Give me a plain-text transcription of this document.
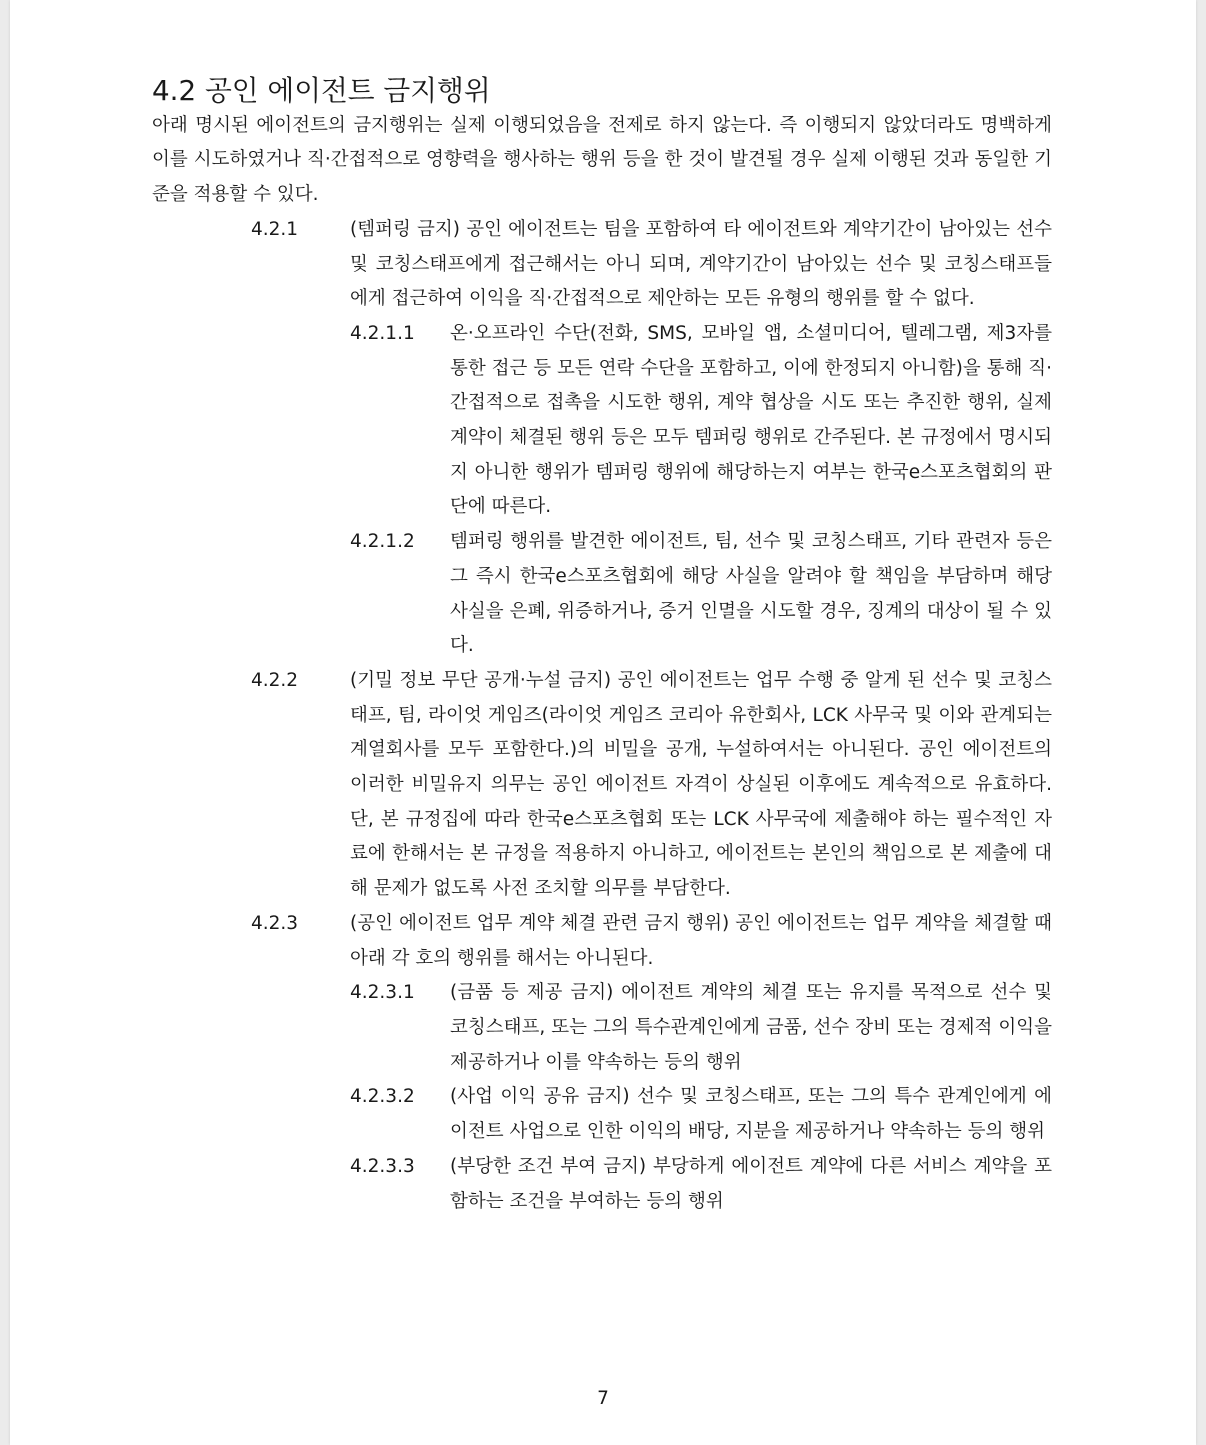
4.2 공인 에이전트 금지행위

아래 명시된 에이전트의 금지행위는 실제 이행되었음을 전제로 하지 않는다. 즉 이행되지 않았더라도 명백하게 이를 시도하였거나 직·간접적으로 영향력을 행사하는 행위 등을 한 것이 발견될 경우 실제 이행된 것과 동일한 기준을 적용할 수 있다.

4.2.1	(템퍼링 금지) 공인 에이전트는 팀을 포함하여 타 에이전트와 계약기간이 남아있는 선수 및 코칭스태프에게 접근해서는 아니 되며, 계약기간이 남아있는 선수 및 코칭스태프들에게 접근하여 이익을 직·간접적으로 제안하는 모든 유형의 행위를 할 수 없다.
4.2.1.1	온·오프라인 수단(전화, SMS, 모바일 앱, 소셜미디어, 텔레그램, 제3자를 통한 접근 등 모든 연락 수단을 포함하고, 이에 한정되지 아니함)을 통해 직·간접적으로 접촉을 시도한 행위, 계약 협상을 시도 또는 추진한 행위, 실제 계약이 체결된 행위 등은 모두 템퍼링 행위로 간주된다. 본 규정에서 명시되지 아니한 행위가 템퍼링 행위에 해당하는지 여부는 한국e스포츠협회의 판단에 따른다.
4.2.1.2	템퍼링 행위를 발견한 에이전트, 팀, 선수 및 코칭스태프, 기타 관련자 등은 그 즉시 한국e스포츠협회에 해당 사실을 알려야 할 책임을 부담하며 해당 사실을 은폐, 위증하거나, 증거 인멸을 시도할 경우, 징계의 대상이 될 수 있다.
4.2.2	(기밀 정보 무단 공개·누설 금지) 공인 에이전트는 업무 수행 중 알게 된 선수 및 코칭스태프, 팀, 라이엇 게임즈(라이엇 게임즈 코리아 유한회사, LCK 사무국 및 이와 관계되는 계열회사를 모두 포함한다.)의 비밀을 공개, 누설하여서는 아니된다. 공인 에이전트의 이러한 비밀유지 의무는 공인 에이전트 자격이 상실된 이후에도 계속적으로 유효하다. 단, 본 규정집에 따라 한국e스포츠협회 또는 LCK 사무국에 제출해야 하는 필수적인 자료에 한해서는 본 규정을 적용하지 아니하고, 에이전트는 본인의 책임으로 본 제출에 대해 문제가 없도록 사전 조치할 의무를 부담한다.
4.2.3	(공인 에이전트 업무 계약 체결 관련 금지 행위) 공인 에이전트는 업무 계약을 체결할 때 아래 각 호의 행위를 해서는 아니된다.
4.2.3.1	(금품 등 제공 금지) 에이전트 계약의 체결 또는 유지를 목적으로 선수 및 코칭스태프, 또는 그의 특수관계인에게 금품, 선수 장비 또는 경제적 이익을 제공하거나 이를 약속하는 등의 행위
4.2.3.2	(사업 이익 공유 금지) 선수 및 코칭스태프, 또는 그의 특수 관계인에게 에이전트 사업으로 인한 이익의 배당, 지분을 제공하거나 약속하는 등의 행위
4.2.3.3	(부당한 조건 부여 금지) 부당하게 에이전트 계약에 다른 서비스 계약을 포함하는 조건을 부여하는 등의 행위
7
